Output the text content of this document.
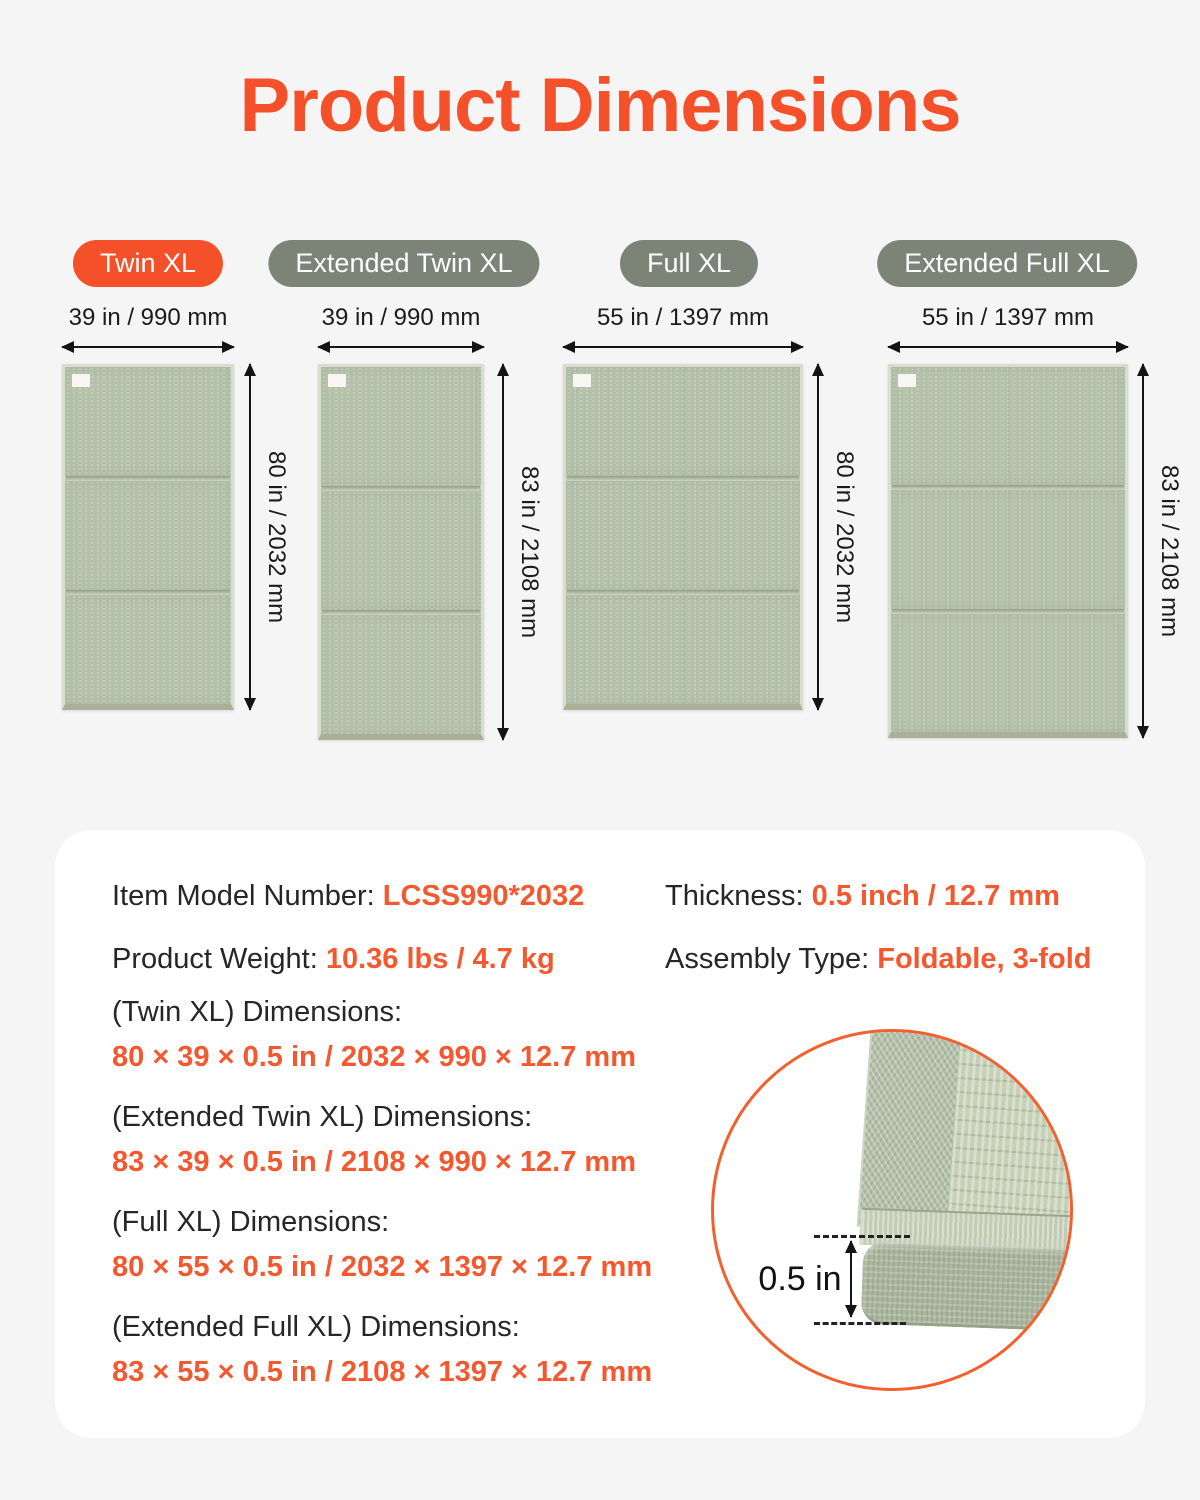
Product Dimensions
Twin XL	Extended Twin XL	Full XL	Extended Full XL
39 in / 990 mm
80 in / 2032 mm
39 in / 990 mm
83 in / 2108 mm
55 in / 1397 mm
80 in / 2032 mm
55 in / 1397 mm
83 in / 2108 mm
Item Model Number: LCSS990*2032
Product Weight: 10.36 lbs / 4.7 kg
Thickness: 0.5 inch / 12.7 mm
Assembly Type: Foldable, 3-fold
(Twin XL) Dimensions:
80 × 39 × 0.5 in / 2032 × 990 × 12.7 mm
(Extended Twin XL) Dimensions:
83 × 39 × 0.5 in / 2108 × 990 × 12.7 mm
(Full XL) Dimensions:
80 × 55 × 0.5 in / 2032 × 1397 × 12.7 mm
(Extended Full XL) Dimensions:
83 × 55 × 0.5 in / 2108 × 1397 × 12.7 mm
0.5 in
